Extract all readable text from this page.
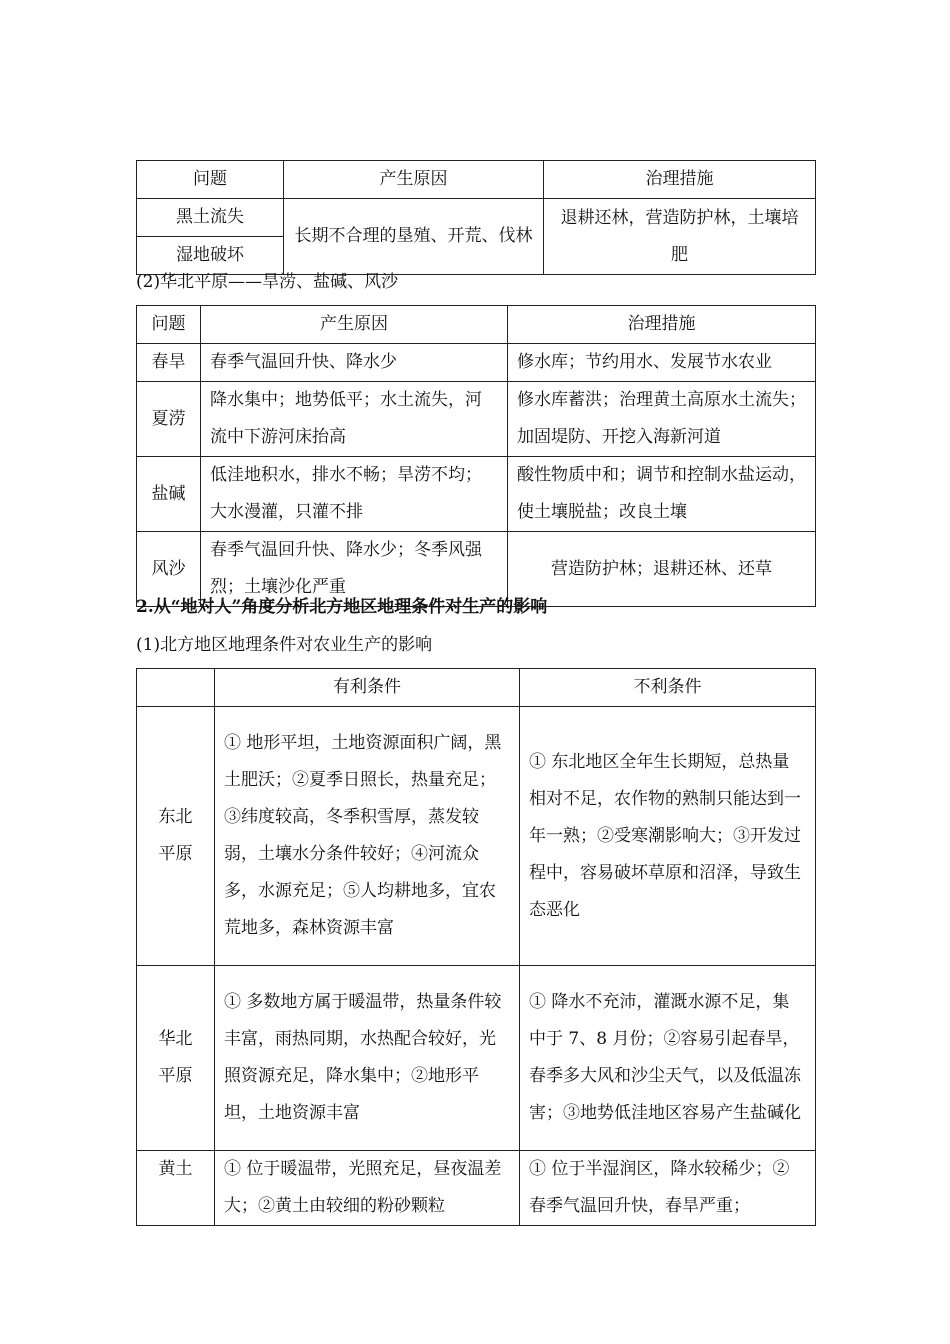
问题	产生原因	治理措施
黑土流失	长期不合理的垦殖、开荒、伐林	退耕还林，营造防护林，土壤培肥
湿地破坏		
(2)华北平原——旱涝、盐碱、风沙
问题	产生原因	治理措施
春旱	春季气温回升快、降水少	修水库；节约用水、发展节水农业
夏涝	降水集中；地势低平；水土流失，河流中下游河床抬高	修水库蓄洪；治理黄土高原水土流失；加固堤防、开挖入海新河道
盐碱	低洼地积水，排水不畅；旱涝不均；大水漫灌，只灌不排	酸性物质中和；调节和控制水盐运动，使土壤脱盐；改良土壤
风沙	春季气温回升快、降水少；冬季风强烈；土壤沙化严重	营造防护林；退耕还林、还草
2.从“地对人”角度分析北方地区地理条件对生产的影响
(1)北方地区地理条件对农业生产的影响
	有利条件	不利条件
东北平原	① 地形平坦，土地资源面积广阔，黑土肥沃；②夏季日照长，热量充足；③纬度较高，冬季积雪厚，蒸发较弱，土壤水分条件较好；④河流众多，水源充足；⑤人均耕地多，宜农荒地多，森林资源丰富	① 东北地区全年生长期短，总热量相对不足，农作物的熟制只能达到一年一熟；②受寒潮影响大；③开发过程中，容易破坏草原和沼泽，导致生态恶化
华北平原	① 多数地方属于暖温带，热量条件较丰富，雨热同期，水热配合较好，光照资源充足，降水集中；②地形平坦，土地资源丰富	① 降水不充沛，灌溉水源不足，集中于 7、8 月份；②容易引起春旱，春季多大风和沙尘天气，以及低温冻害；③地势低洼地区容易产生盐碱化
黄土	① 位于暖温带，光照充足，昼夜温差大；②黄土由较细的粉砂颗粒	① 位于半湿润区，降水较稀少；②春季气温回升快，春旱严重；
